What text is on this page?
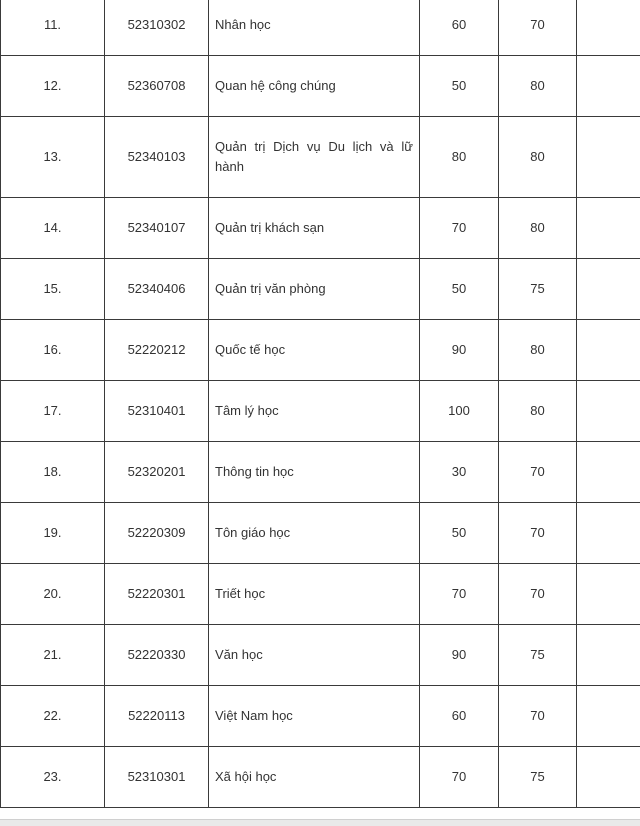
11.	52310302	Nhân học	60	70	
12.	52360708	Quan hệ công chúng	50	80	
13.	52340103	Quản trị Dịch vụ Du lịch và lữ hành	80	80	
14.	52340107	Quản trị khách sạn	70	80	
15.	52340406	Quản trị văn phòng	50	75	
16.	52220212	Quốc tế học	90	80	
17.	52310401	Tâm lý học	100	80	
18.	52320201	Thông tin học	30	70	
19.	52220309	Tôn giáo học	50	70	
20.	52220301	Triết học	70	70	
21.	52220330	Văn học	90	75	
22.	52220113	Việt Nam học	60	70	
23.	52310301	Xã hội học	70	75	
